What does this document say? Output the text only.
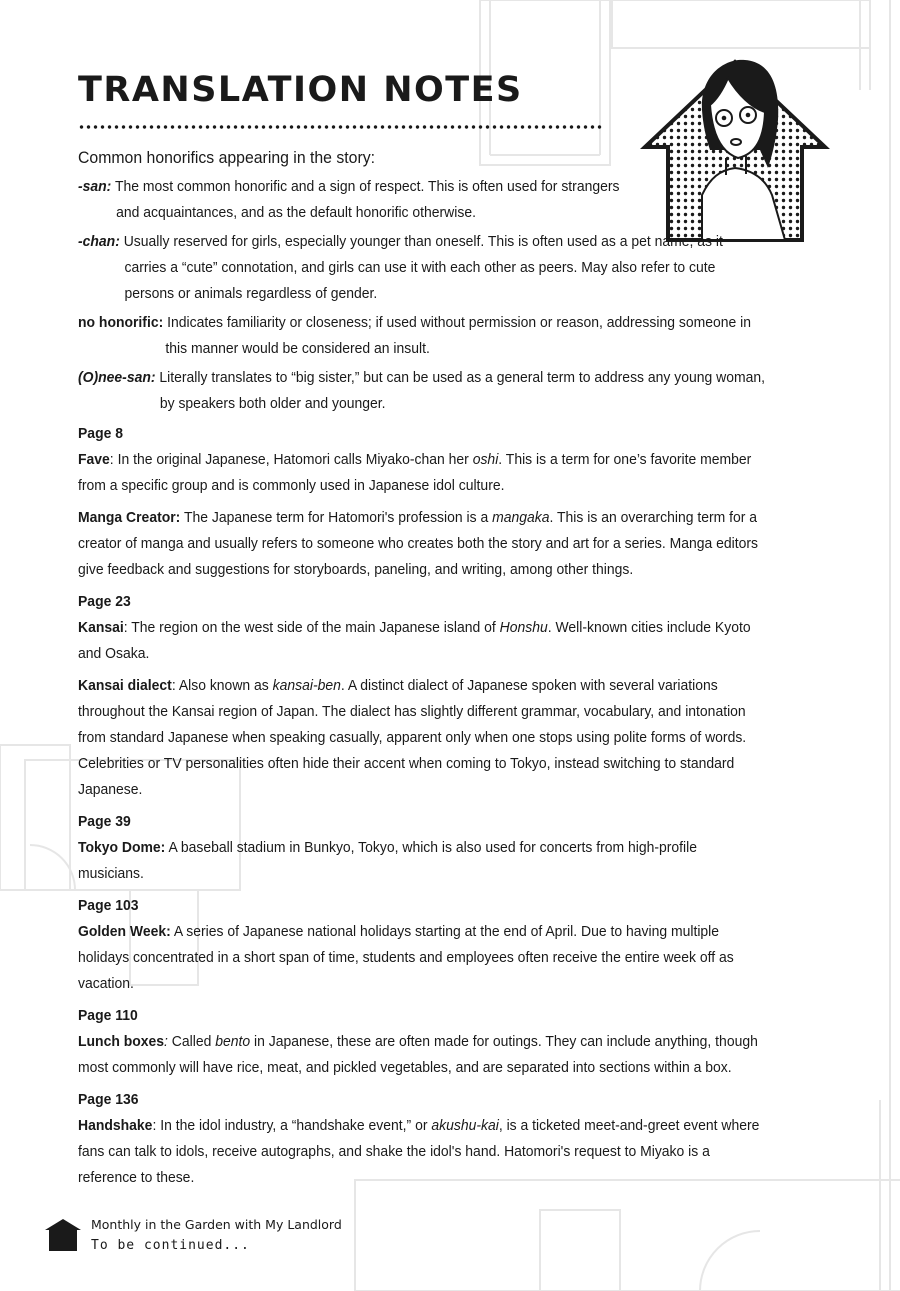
TRANSLATION NOTES

Common honorifics appearing in the story:

-san: The most common honorific and a sign of respect. This is often used for strangers and acquaintances, and as the default honorific otherwise.

-chan: Usually reserved for girls, especially younger than oneself. This is often used as a pet name, as it carries a “cute” connotation, and girls can use it with each other as peers. May also refer to cute persons or animals regardless of gender.

no honorific: Indicates familiarity or closeness; if used without permission or reason, addressing someone in this manner would be considered an insult.

(O)nee-san: Literally translates to “big sister,” but can be used as a general term to address any young woman, by speakers both older and younger.

Page 8

Fave: In the original Japanese, Hatomori calls Miyako-chan her oshi. This is a term for one’s favorite member from a specific group and is commonly used in Japanese idol culture.

Manga Creator: The Japanese term for Hatomori's profession is a mangaka. This is an overarching term for a creator of manga and usually refers to someone who creates both the story and art for a series. Manga editors give feedback and suggestions for storyboards, paneling, and writing, among other things.

Page 23

Kansai: The region on the west side of the main Japanese island of Honshu. Well-known cities include Kyoto and Osaka.

Kansai dialect: Also known as kansai-ben. A distinct dialect of Japanese spoken with several variations throughout the Kansai region of Japan. The dialect has slightly different grammar, vocabulary, and intonation from standard Japanese when speaking casually, apparent only when one stops using polite forms of words. Celebrities or TV personalities often hide their accent when coming to Tokyo, instead switching to standard Japanese.

Page 39

Tokyo Dome: A baseball stadium in Bunkyo, Tokyo, which is also used for concerts from high-profile musicians.

Page 103

Golden Week: A series of Japanese national holidays starting at the end of April. Due to having multiple holidays concentrated in a short span of time, students and employees often receive the entire week off as vacation.

Page 110

Lunch boxes: Called bento in Japanese, these are often made for outings. They can include anything, though most commonly will have rice, meat, and pickled vegetables, and are separated into sections within a box.

Page 136

Handshake: In the idol industry, a “handshake event,” or akushu-kai, is a ticketed meet-and-greet event where fans can talk to idols, receive autographs, and shake the idol's hand. Hatomori's request to Miyako is a reference to these.

Monthly in the Garden with My Landlord
To be continued...
